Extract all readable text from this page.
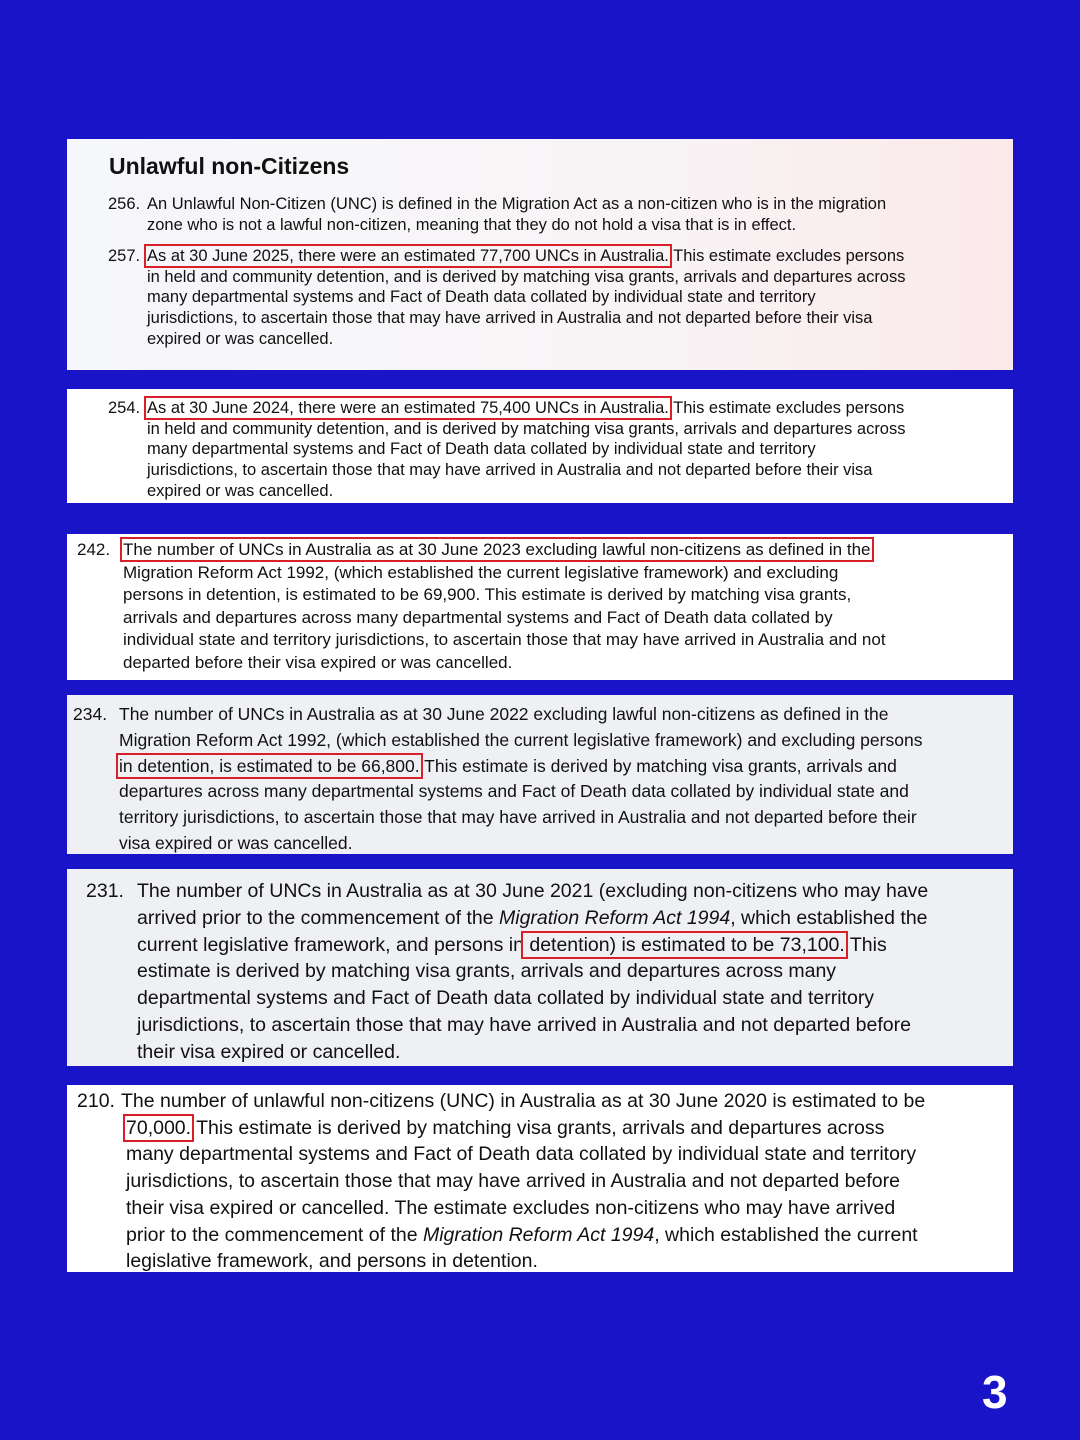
Unlawful non-Citizens
256. An Unlawful Non-Citizen (UNC) is defined in the Migration Act as a non-citizen who is in the migration
zone who is not a lawful non-citizen, meaning that they do not hold a visa that is in effect.
257. As at 30 June 2025, there were an estimated 77,700 UNCs in Australia. This estimate excludes persons
in held and community detention, and is derived by matching visa grants, arrivals and departures across
many departmental systems and Fact of Death data collated by individual state and territory
jurisdictions, to ascertain those that may have arrived in Australia and not departed before their visa
expired or was cancelled.
254. As at 30 June 2024, there were an estimated 75,400 UNCs in Australia. This estimate excludes persons
in held and community detention, and is derived by matching visa grants, arrivals and departures across
many departmental systems and Fact of Death data collated by individual state and territory
jurisdictions, to ascertain those that may have arrived in Australia and not departed before their visa
expired or was cancelled.
242. The number of UNCs in Australia as at 30 June 2023 excluding lawful non-citizens as defined in the
Migration Reform Act 1992, (which established the current legislative framework) and excluding
persons in detention, is estimated to be 69,900. This estimate is derived by matching visa grants,
arrivals and departures across many departmental systems and Fact of Death data collated by
individual state and territory jurisdictions, to ascertain those that may have arrived in Australia and not
departed before their visa expired or was cancelled.
234. The number of UNCs in Australia as at 30 June 2022 excluding lawful non-citizens as defined in the
Migration Reform Act 1992, (which established the current legislative framework) and excluding persons
in detention, is estimated to be 66,800. This estimate is derived by matching visa grants, arrivals and
departures across many departmental systems and Fact of Death data collated by individual state and
territory jurisdictions, to ascertain those that may have arrived in Australia and not departed before their
visa expired or was cancelled.
231. The number of UNCs in Australia as at 30 June 2021 (excluding non-citizens who may have
arrived prior to the commencement of the Migration Reform Act 1994, which established the
current legislative framework, and persons in detention) is estimated to be 73,100. This
estimate is derived by matching visa grants, arrivals and departures across many
departmental systems and Fact of Death data collated by individual state and territory
jurisdictions, to ascertain those that may have arrived in Australia and not departed before
their visa expired or cancelled.
210. The number of unlawful non-citizens (UNC) in Australia as at 30 June 2020 is estimated to be
70,000. This estimate is derived by matching visa grants, arrivals and departures across
many departmental systems and Fact of Death data collated by individual state and territory
jurisdictions, to ascertain those that may have arrived in Australia and not departed before
their visa expired or cancelled. The estimate excludes non-citizens who may have arrived
prior to the commencement of the Migration Reform Act 1994, which established the current
legislative framework, and persons in detention.
3
